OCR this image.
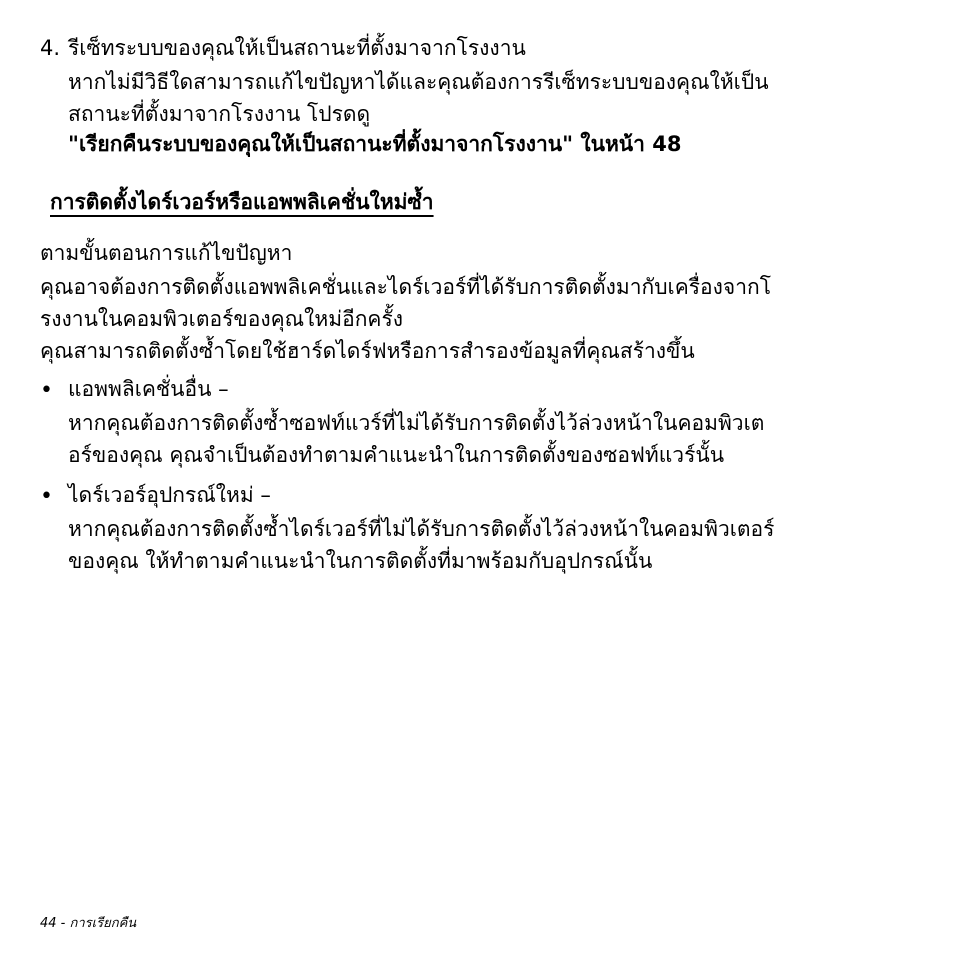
4. รีเซ็ทระบบของคุณให้เป็นสถานะที่ตั้งมาจากโรงงาน
หากไม่มีวิธีใดสามารถแก้ไขปัญหาได้และคุณต้องการรีเซ็ทระบบของคุณให้เป็น
สถานะที่ตั้งมาจากโรงงาน โปรดดู
"เรียกคืนระบบของคุณให้เป็นสถานะที่ตั้งมาจากโรงงาน" ในหน้า 48
การติดตั้งไดร์เวอร์หรือแอพพลิเคชั่นใหม่ซ้ำ
ตามขั้นตอนการแก้ไขปัญหา
คุณอาจต้องการติดตั้งแอพพลิเคชั่นและไดร์เวอร์ที่ได้รับการติดตั้งมากับเครื่องจากโ
รงงานในคอมพิวเตอร์ของคุณใหม่อีกครั้ง
คุณสามารถติดตั้งซ้ำโดยใช้ฮาร์ดไดร์ฟหรือการสำรองข้อมูลที่คุณสร้างขึ้น
• แอพพลิเคชั่นอื่น –
หากคุณต้องการติดตั้งซ้ำซอฟท์แวร์ที่ไม่ได้รับการติดตั้งไว้ล่วงหน้าในคอมพิวเต
อร์ของคุณ คุณจำเป็นต้องทำตามคำแนะนำในการติดตั้งของซอฟท์แวร์นั้น
• ไดร์เวอร์อุปกรณ์ใหม่ –
หากคุณต้องการติดตั้งซ้ำไดร์เวอร์ที่ไม่ได้รับการติดตั้งไว้ล่วงหน้าในคอมพิวเตอร์
ของคุณ ให้ทำตามคำแนะนำในการติดตั้งที่มาพร้อมกับอุปกรณ์นั้น
44 - การเรียกคืน
